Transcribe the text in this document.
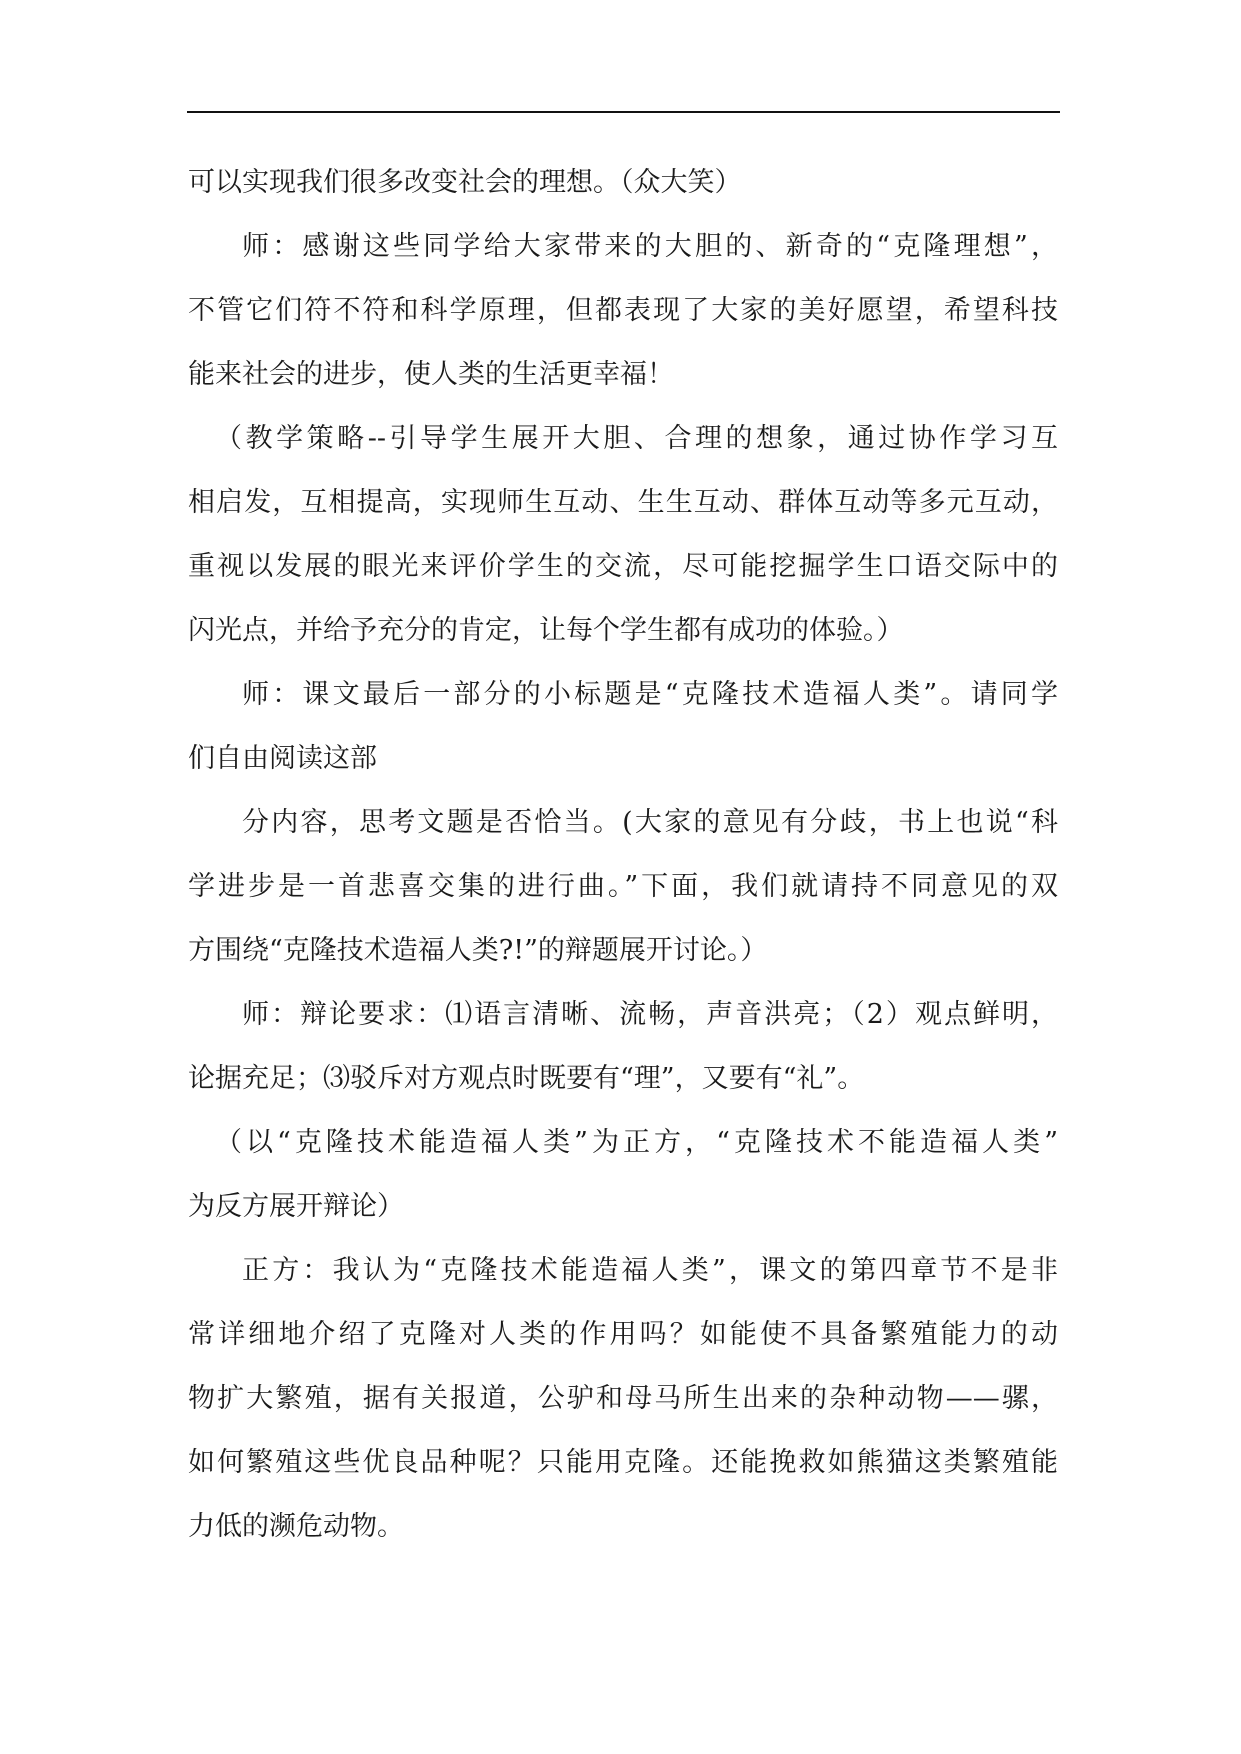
可以实现我们很多改变社会的理想。（众大笑）
师：感谢这些同学给大家带来的大胆的、新奇的“克隆理想”，
不管它们符不符和科学原理，但都表现了大家的美好愿望，希望科技
能来社会的进步，使人类的生活更幸福！
（教学策略--引导学生展开大胆、合理的想象，通过协作学习互
相启发，互相提高，实现师生互动、生生互动、群体互动等多元互动，
重视以发展的眼光来评价学生的交流，尽可能挖掘学生口语交际中的
闪光点，并给予充分的肯定，让每个学生都有成功的体验。）
师：课文最后一部分的小标题是“克隆技术造福人类”。请同学
们自由阅读这部
分内容，思考文题是否恰当。(大家的意见有分歧，书上也说“科
学进步是一首悲喜交集的进行曲。”下面，我们就请持不同意见的双
方围绕“克隆技术造福人类?!”的辩题展开讨论。）
师：辩论要求：⑴语言清晰、流畅，声音洪亮；（2）观点鲜明，
论据充足；⑶驳斥对方观点时既要有“理”，又要有“礼”。
（以“克隆技术能造福人类”为正方，“克隆技术不能造福人类”
为反方展开辩论）
正方：我认为“克隆技术能造福人类”，课文的第四章节不是非
常详细地介绍了克隆对人类的作用吗？如能使不具备繁殖能力的动
物扩大繁殖，据有关报道，公驴和母马所生出来的杂种动物——骡，
如何繁殖这些优良品种呢？只能用克隆。还能挽救如熊猫这类繁殖能
力低的濒危动物。
